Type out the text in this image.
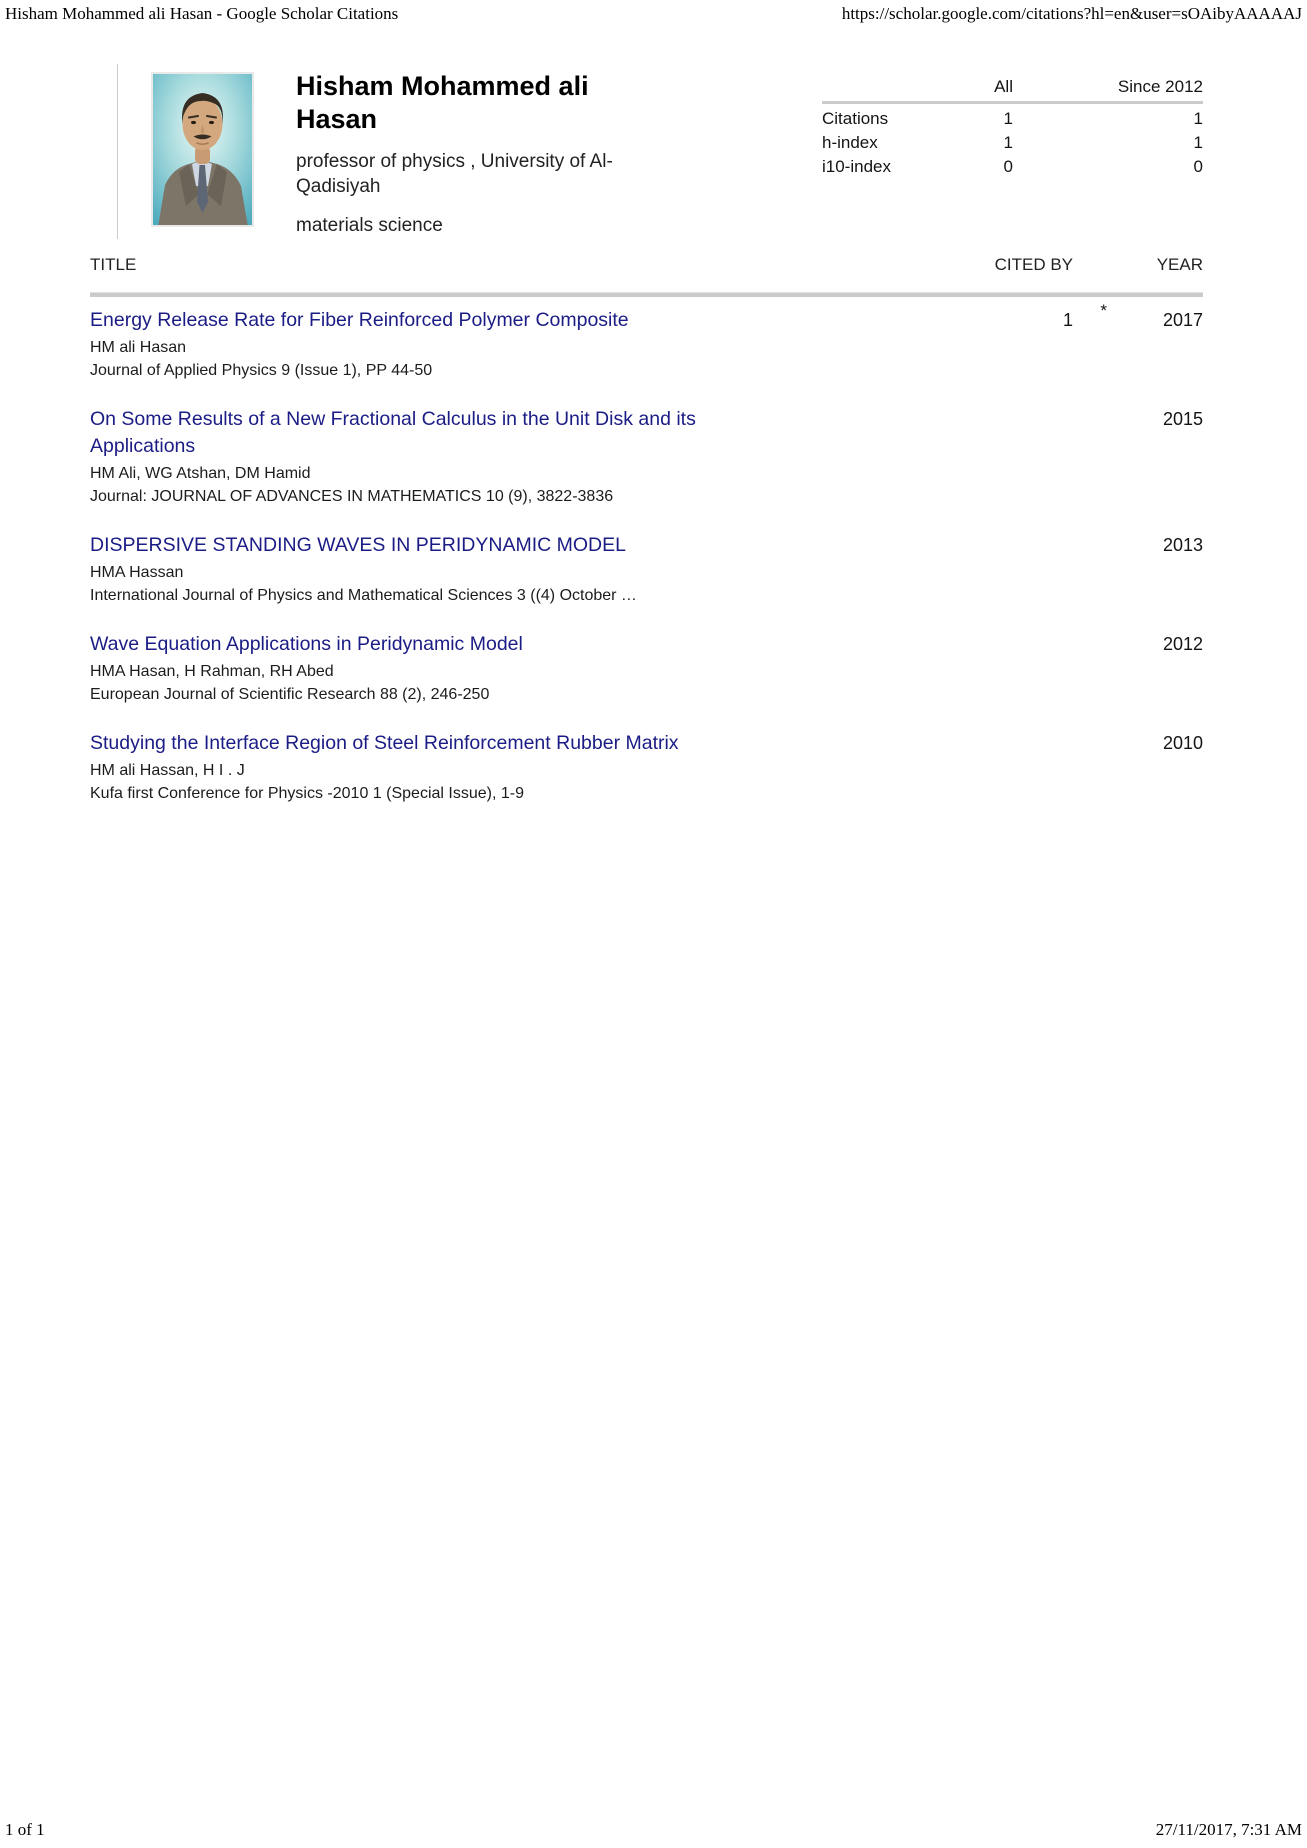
Hisham Mohammed ali Hasan - Google Scholar Citations	https://scholar.google.com/citations?hl=en&user=sOAibyAAAAAJ
Hisham Mohammed ali Hasan
professor of physics , University of Al-Qadisiyah
materials science
All	Since 2012
Citations	1	1
h-index	1	1
i10-index	0	0
TITLE	CITED BY	YEAR
Energy Release Rate for Fiber Reinforced Polymer Composite
HM ali Hasan
Journal of Applied Physics 9 (Issue 1), PP 44-50
1 *	2017
On Some Results of a New Fractional Calculus in the Unit Disk and its Applications
HM Ali, WG Atshan, DM Hamid
Journal: JOURNAL OF ADVANCES IN MATHEMATICS 10 (9), 3822-3836
2015
DISPERSIVE STANDING WAVES IN PERIDYNAMIC MODEL
HMA Hassan
International Journal of Physics and Mathematical Sciences 3 ((4) October …
2013
Wave Equation Applications in Peridynamic Model
HMA Hasan, H Rahman, RH Abed
European Journal of Scientific Research 88 (2), 246-250
2012
Studying the Interface Region of Steel Reinforcement Rubber Matrix
HM ali Hassan, H I . J
Kufa first Conference for Physics -2010 1 (Special Issue), 1-9
2010
1 of 1	27/11/2017, 7:31 AM
